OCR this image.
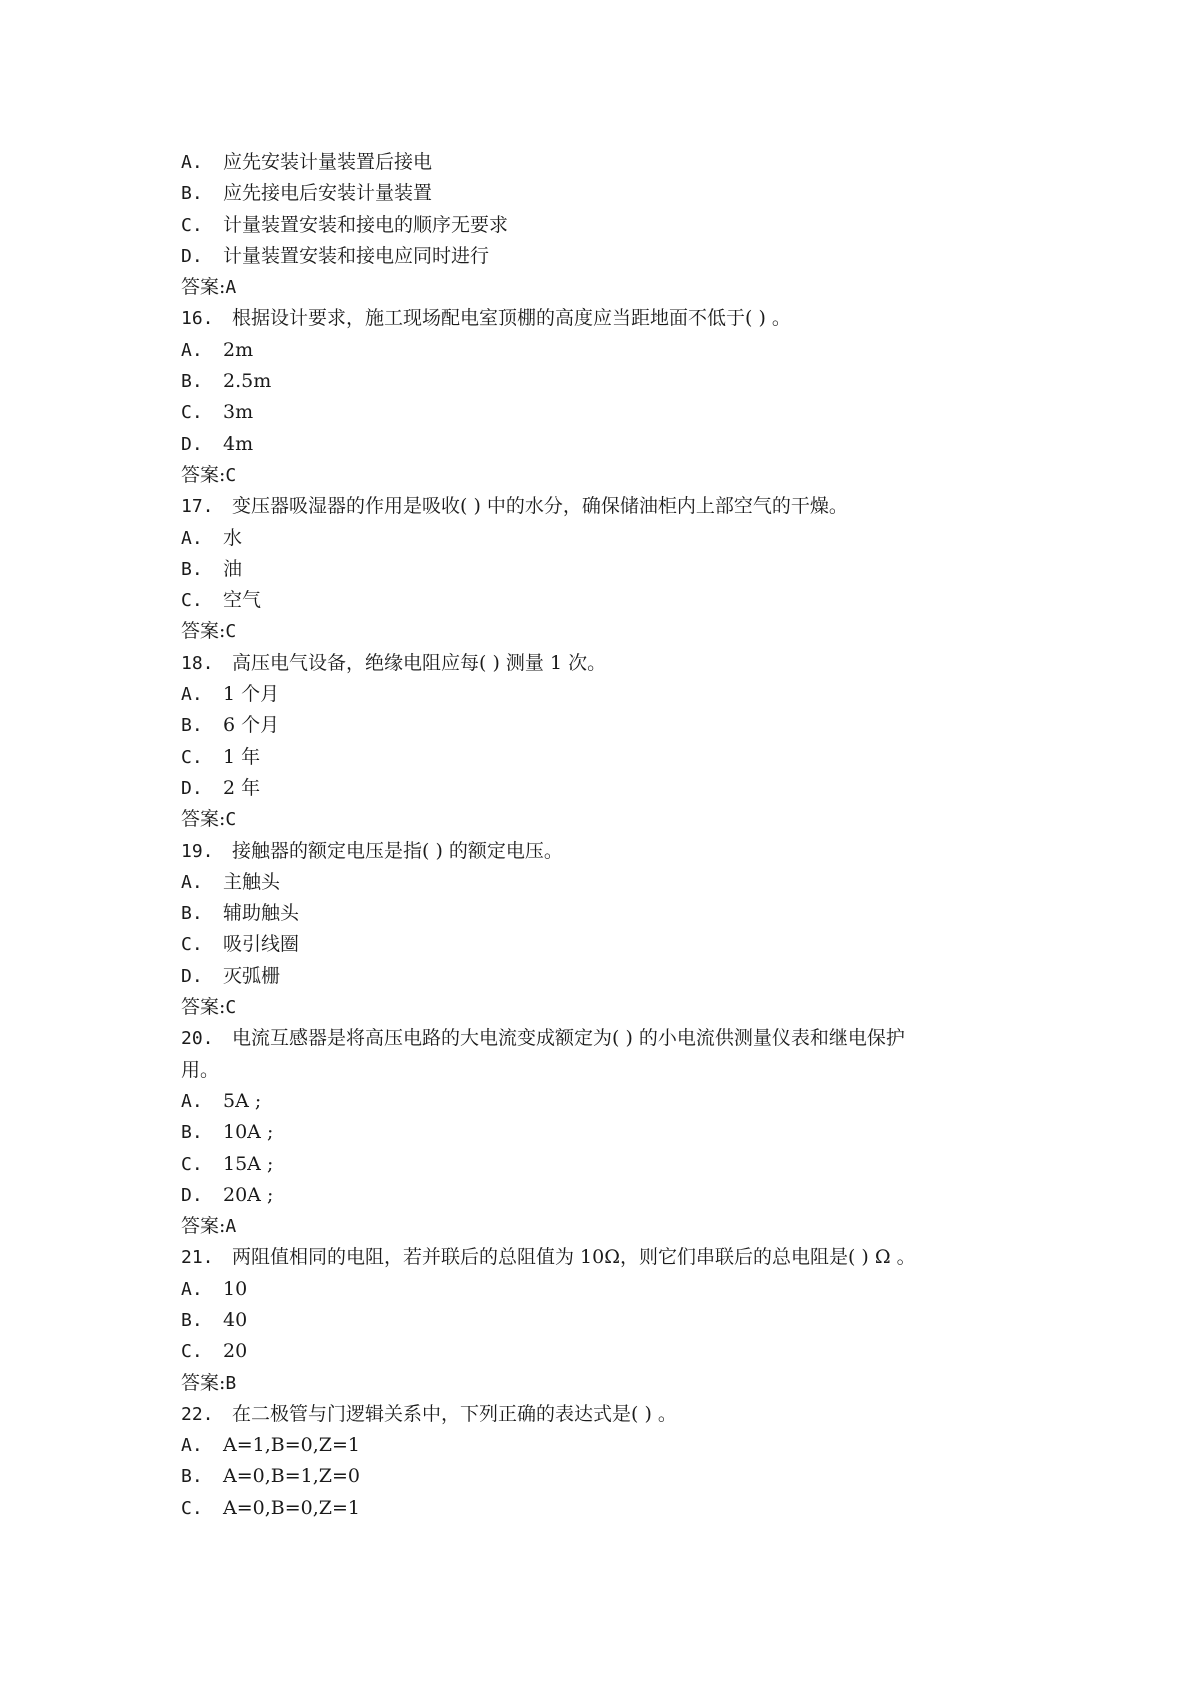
A. 应先安装计量装置后接电
B. 应先接电后安装计量装置
C. 计量装置安装和接电的顺序无要求
D. 计量装置安装和接电应同时进行
答案:A
16. 根据设计要求，施工现场配电室顶棚的高度应当距地面不低于( ) 。
A. 2m
B. 2.5m
C. 3m
D. 4m
答案:C
17. 变压器吸湿器的作用是吸收( ) 中的水分，确保储油柜内上部空气的干燥。
A. 水
B. 油
C. 空气
答案:C
18. 高压电气设备，绝缘电阻应每( ) 测量 1 次。
A. 1 个月
B. 6 个月
C. 1 年
D. 2 年
答案:C
19. 接触器的额定电压是指( ) 的额定电压。
A. 主触头
B. 辅助触头
C. 吸引线圈
D. 灭弧栅
答案:C
20. 电流互感器是将高压电路的大电流变成额定为( ) 的小电流供测量仪表和继电保护
用。
A. 5A ;
B. 10A ;
C. 15A ;
D. 20A ;
答案:A
21. 两阻值相同的电阻，若并联后的总阻值为 10Ω，则它们串联后的总电阻是( ) Ω 。
A. 10
B. 40
C. 20
答案:B
22. 在二极管与门逻辑关系中，下列正确的表达式是( ) 。
A. A=1,B=0,Z=1
B. A=0,B=1,Z=0
C. A=0,B=0,Z=1
